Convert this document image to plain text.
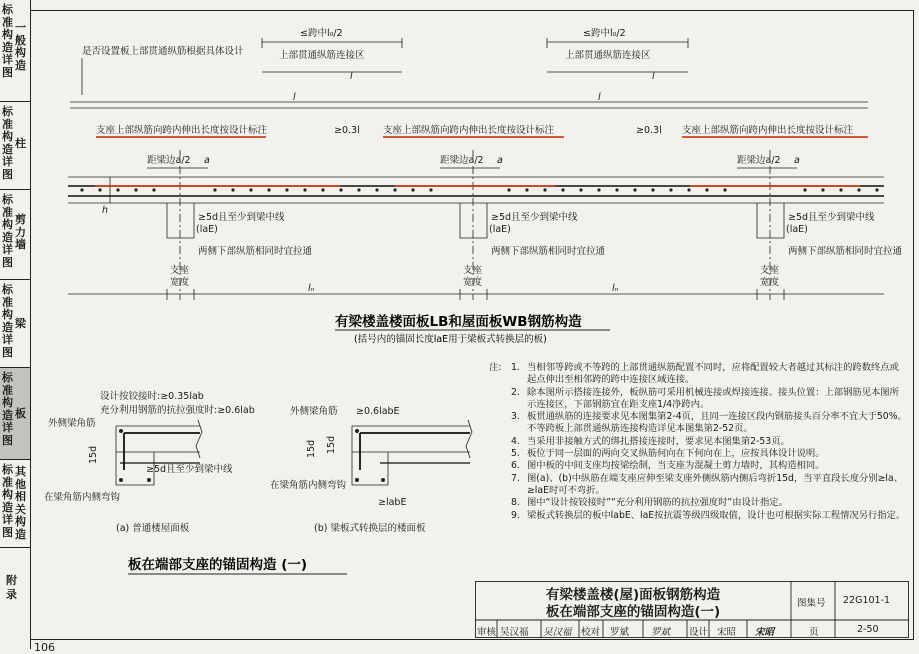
标准构造详图
一般构造
标准构造详图
柱
标准构造详图
剪力墙
标准构造详图
梁
标准构造详图
板
标准构造详图
其他相关构造
附录
106
是否设置板上部贯通纵筋根据具体设计
≤跨中l₀/2	≤跨中l₀/2
上部贯通纵筋连接区	上部贯通纵筋连接区
l	l
l	l
支座上部纵筋向跨内伸出长度按设计标注	支座上部纵筋向跨内伸出长度按设计标注	支座上部纵筋向跨内伸出长度按设计标注
≥0.3l	≥0.3l
距梁边a/2	距梁边a/2	距梁边a/2
a	a	a
h
≥5d且至少到梁中线	≥5d且至少到梁中线	≥5d且至少到梁中线
(laE)	(laE)	(laE)
两侧下部纵筋相同时宜拉通	两侧下部纵筋相同时宜拉通	两侧下部纵筋相同时宜拉通
支座
宽度
支座
宽度
支座
宽度
lₙ	lₙ
有梁楼盖楼面板LB和屋面板WB钢筋构造
(括号内的锚固长度laE用于梁板式转换层的板)
设计按铰接时:≥0.35lab
充分利用钢筋的抗拉强度时:≥0.6lab
外侧梁角筋
15d
≥5d且至少到梁中线
在梁角筋内侧弯钩
(a) 普通楼屋面板
外侧梁角筋 ≥0.6labE
15d 15d
在梁角筋内侧弯钩
≥labE
(b) 梁板式转换层的楼面板
板在端部支座的锚固构造 (一)
注: 1. 当相邻等跨或不等跨的上部贯通纵筋配置不同时，应将配置较大者越过其标注的跨数终点或起点伸出至相邻跨的跨中连接区域连接。
2. 除本图所示搭接连接外，板纵筋可采用机械连接或焊接连接。接头位置：上部钢筋见本图所示连接区，下部钢筋宜在距支座1/4净跨内。
3. 板贯通纵筋的连接要求见本图集第2-4页，且同一连接区段内钢筋接头百分率不宜大于50%。不等跨板上部贯通纵筋连接构造详见本图集第2-52页。
4. 当采用非接触方式的绑扎搭接连接时，要求见本图集第2-53页。
5. 板位于同一层面的两向交叉纵筋何向在下何向在上，应按具体设计说明。
6. 图中板的中间支座均按梁绘制，当支座为混凝土剪力墙时，其构造相同。
7. 图(a)、(b)中纵筋在端支座应伸至梁支座外侧纵筋内侧后弯折15d，当平直段长度分别≥la、≥laE时可不弯折。
8. 图中“设计按铰接时”“充分利用钢筋的抗拉强度时”由设计指定。
9. 梁板式转换层的板中labE、laE按抗震等级四级取值，设计也可根据实际工程情况另行指定。
有梁楼盖楼(屋)面板钢筋构造
板在端部支座的锚固构造(一)
图集号 22G101-1
审核 吴汉福 吴汉福 校对 罗斌 罗斌 设计 宋昭 宋昭	页	2-50
